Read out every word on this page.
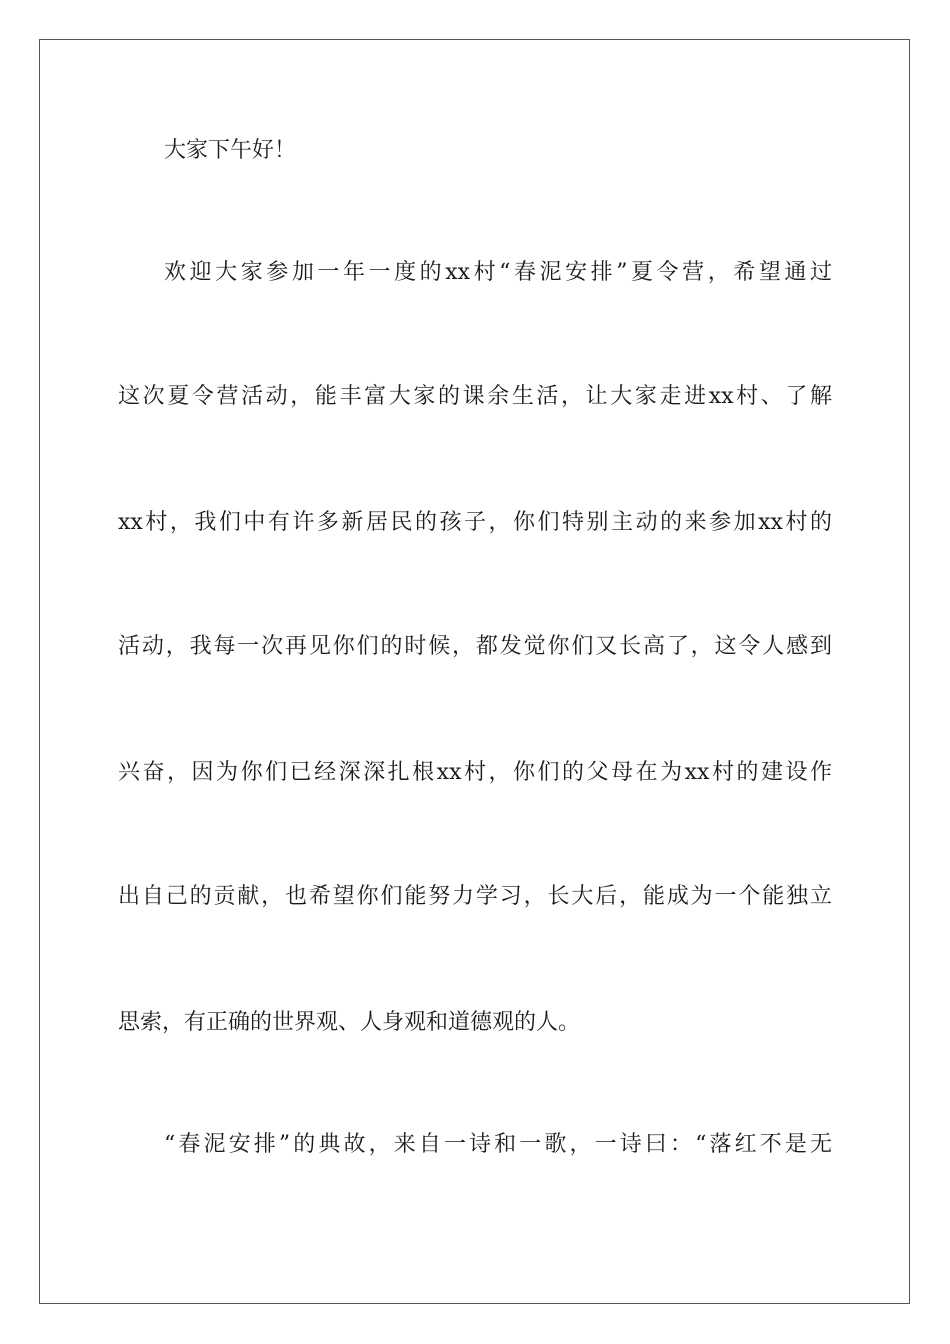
大家下午好！

欢迎大家参加一年一度的xx村“春泥安排”夏令营，希望通过

这次夏令营活动，能丰富大家的课余生活，让大家走进xx村、了解

xx村，我们中有许多新居民的孩子，你们特别主动的来参加xx村的

活动，我每一次再见你们的时候，都发觉你们又长高了，这令人感到

兴奋，因为你们已经深深扎根xx村，你们的父母在为xx村的建设作

出自己的贡献，也希望你们能努力学习，长大后，能成为一个能独立

思索，有正确的世界观、人身观和道德观的人。

“春泥安排”的典故，来自一诗和一歌，一诗曰：“落红不是无
